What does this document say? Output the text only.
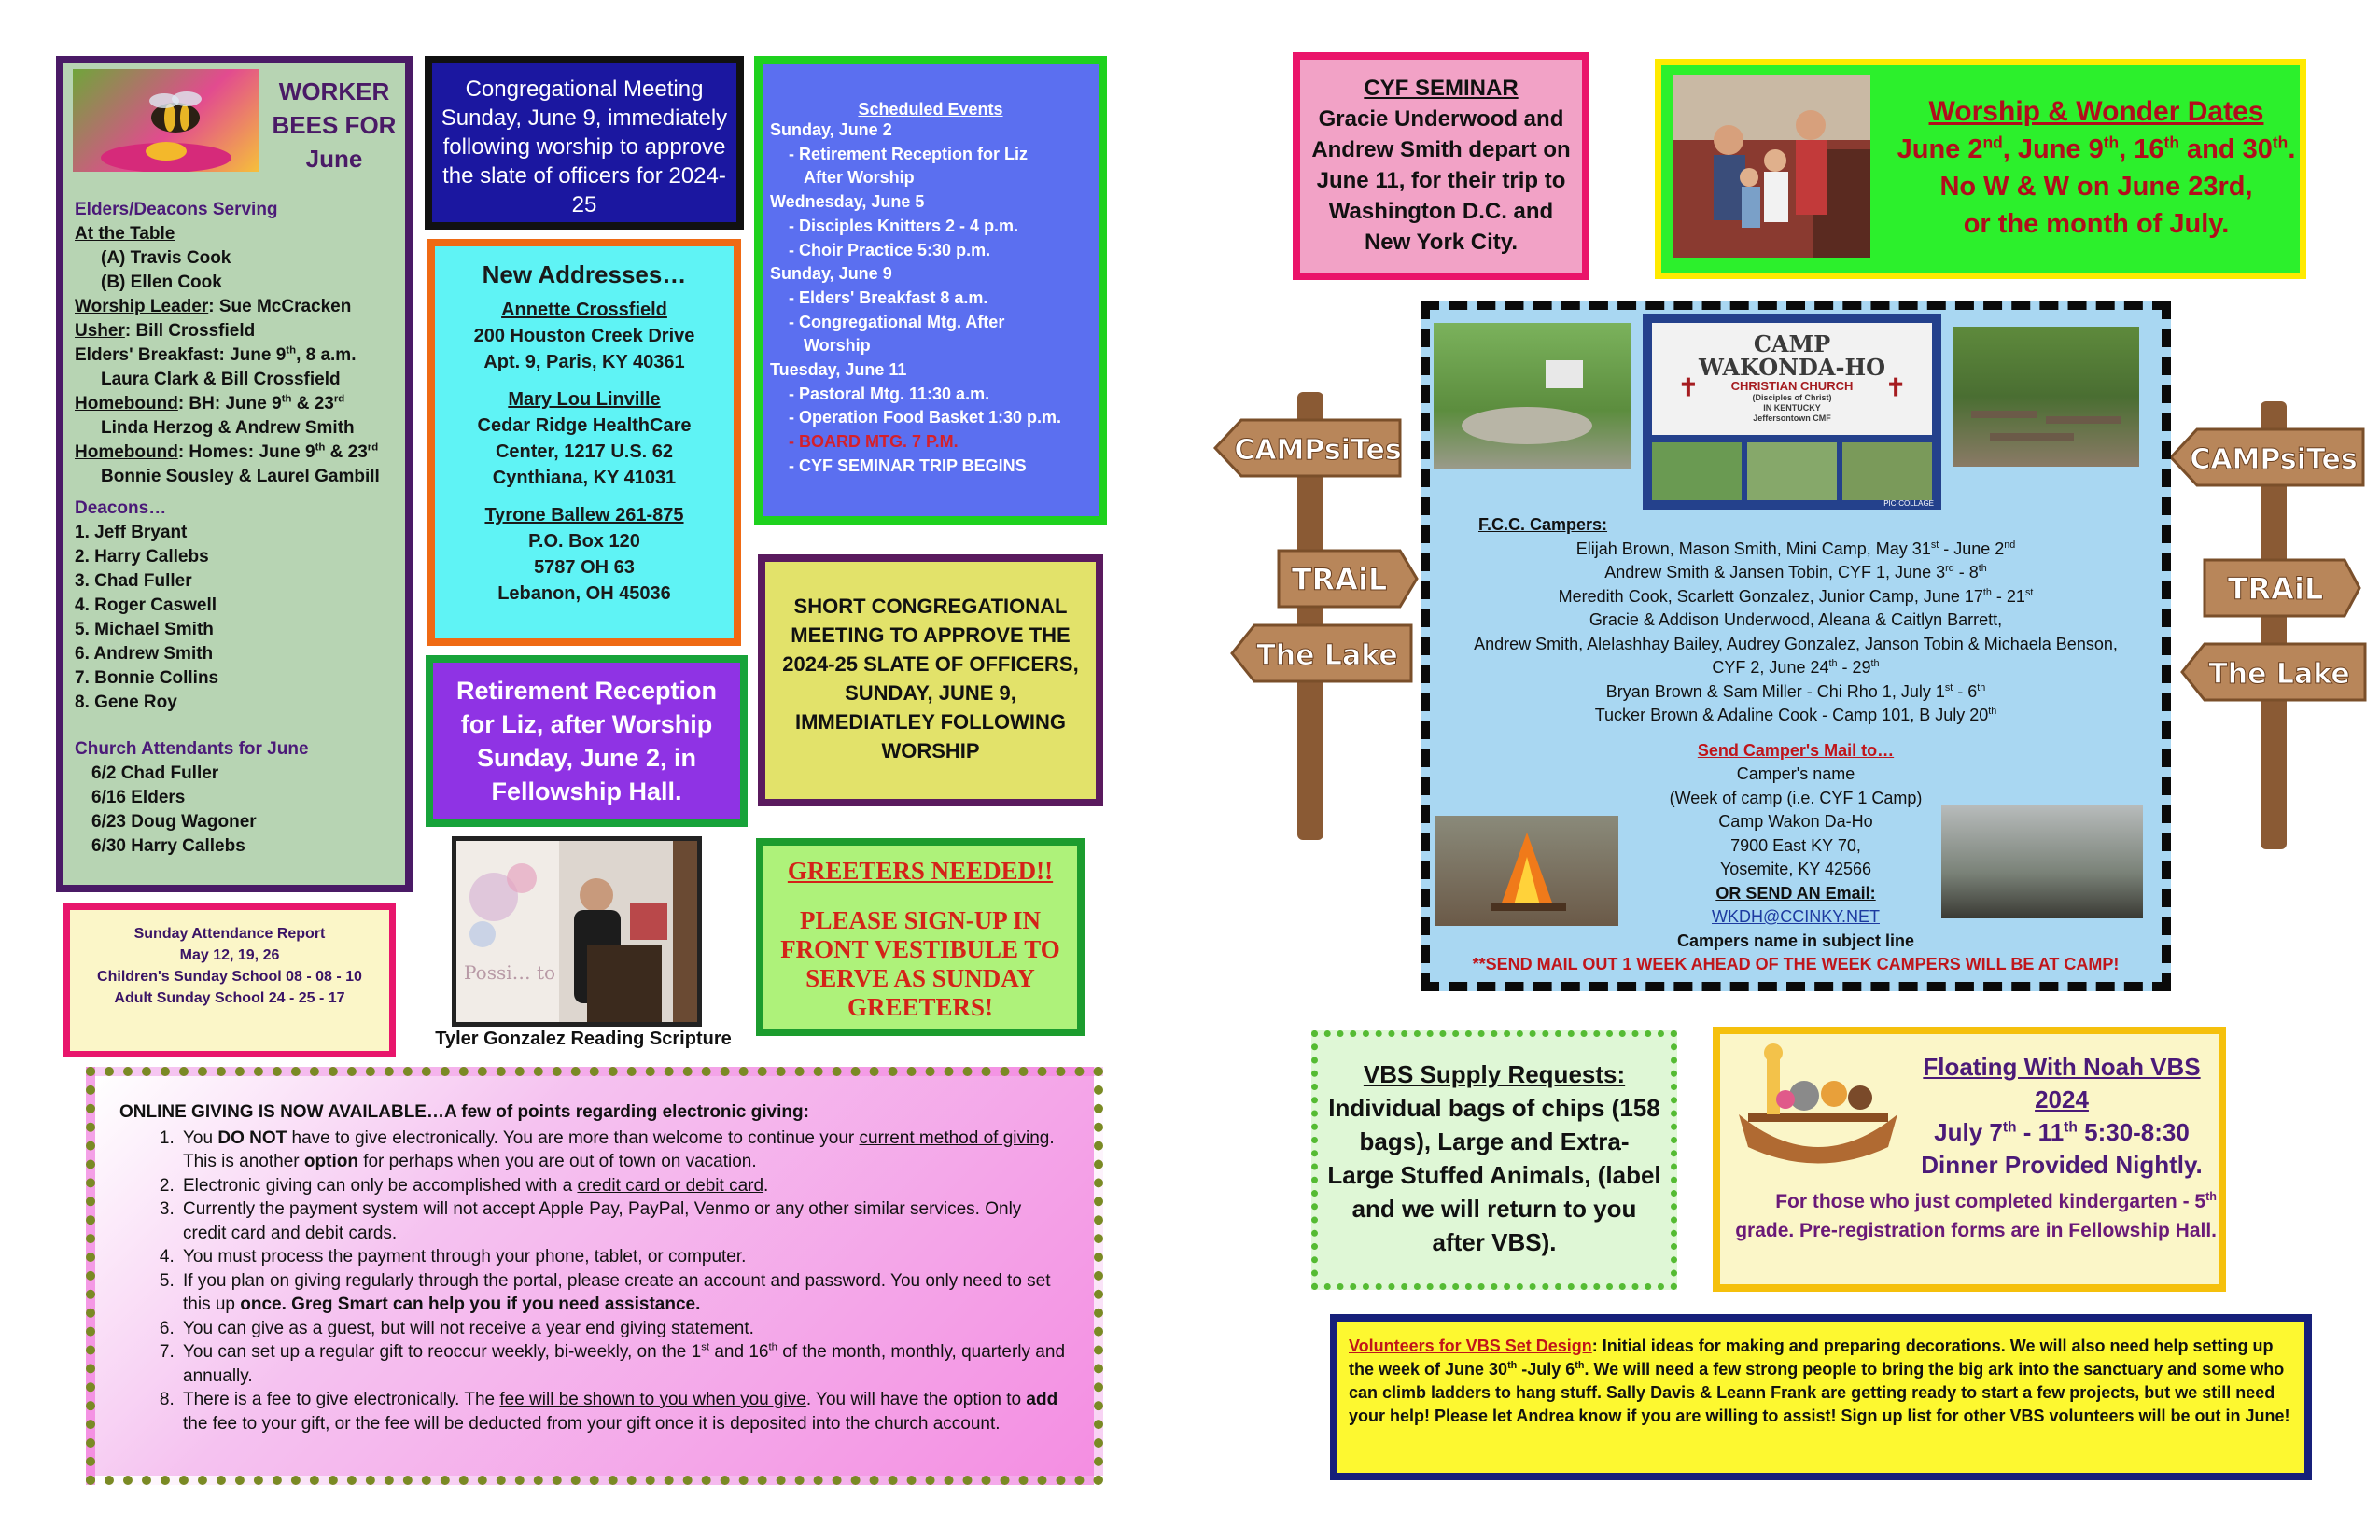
WORKER
BEES FOR
June
Elders/Deacons Serving
At the Table
(A) Travis Cook
(B) Ellen Cook
Worship Leader: Sue McCracken
Usher: Bill Crossfield
Elders' Breakfast: June 9th, 8 a.m.
Laura Clark & Bill Crossfield
Homebound: BH: June 9th & 23rd
Linda Herzog & Andrew Smith
Homebound: Homes: June 9th & 23rd
Bonnie Sousley & Laurel Gambill
Deacons…
1. Jeff Bryant
2. Harry Callebs
3. Chad Fuller
4. Roger Caswell
5. Michael Smith
6. Andrew Smith
7. Bonnie Collins
8. Gene Roy
Church Attendants for June
6/2 Chad Fuller
6/16 Elders
6/23 Doug Wagoner
6/30 Harry Callebs
Sunday Attendance Report
May 12, 19, 26
Children's Sunday School 08 - 08 - 10
Adult Sunday School 24 - 25 - 17

Congregational Meeting Sunday, June 9, immediately following worship to approve the slate of officers for 2024-25

New Addresses…
Annette Crossfield
200 Houston Creek Drive
Apt. 9, Paris, KY 40361
Mary Lou Linville
Cedar Ridge HealthCare
Center, 1217 U.S. 62
Cynthiana, KY 41031
Tyrone Ballew 261-875
P.O. Box 120
5787 OH 63
Lebanon, OH 45036

Retirement Reception for Liz, after Worship Sunday, June 2, in Fellowship Hall.

Scheduled Events
Sunday, June 2
- Retirement Reception for Liz
After Worship
Wednesday, June 5
- Disciples Knitters 2 - 4 p.m.
- Choir Practice 5:30 p.m.
Sunday, June 9
- Elders' Breakfast 8 a.m.
- Congregational Mtg. After
Worship
Tuesday, June 11
- Pastoral Mtg. 11:30 a.m.
- Operation Food Basket 1:30 p.m.
- BOARD MTG. 7 P.M.
- CYF SEMINAR TRIP BEGINS

SHORT CONGREGATIONAL MEETING TO APPROVE THE 2024-25 SLATE OF OFFICERS, SUNDAY, JUNE 9, IMMEDIATLEY FOLLOWING WORSHIP

Possi… to
Tyler Gonzalez Reading Scripture
GREETERS NEEDED!!

PLEASE SIGN-UP IN FRONT VESTIBULE TO SERVE AS SUNDAY GREETERS!

ONLINE GIVING IS NOW AVAILABLE…A few of points regarding electronic giving:
1. You DO NOT have to give electronically. You are more than welcome to continue your current method of giving. This is another option for perhaps when you are out of town on vacation.
2. Electronic giving can only be accomplished with a credit card or debit card.
3. Currently the payment system will not accept Apple Pay, PayPal, Venmo or any other similar services. Only credit card and debit cards.
4. You must process the payment through your phone, tablet, or computer.
5. If you plan on giving regularly through the portal, please create an account and password. You only need to set this up once. Greg Smart can help you if you need assistance.
6. You can give as a guest, but will not receive a year end giving statement.
7. You can set up a regular gift to reoccur weekly, bi-weekly, on the 1st and 16th of the month, monthly, quarterly and annually.
8. There is a fee to give electronically. The fee will be shown to you when you give. You will have the option to add the fee to your gift, or the fee will be deducted from your gift once it is deposited into the church account.
CYF SEMINAR

Gracie Underwood and Andrew Smith depart on June 11, for their trip to Washington D.C. and New York City.

Worship & Wonder Dates
June 2nd, June 9th, 16th and 30th.
No W & W on June 23rd,
or the month of July.
CAMPsiTes
TRAiL
The Lake
CAMPsiTes
TRAiL
The Lake
CAMP
WAKONDA-HO
CHRISTIAN CHURCH
(Disciples of Christ)
IN KENTUCKY
Jeffersontown CMF
✝	✝
PIC·COLLAGE
F.C.C. Campers:
Elijah Brown, Mason Smith, Mini Camp, May 31st - June 2nd
Andrew Smith & Jansen Tobin, CYF 1, June 3rd - 8th
Meredith Cook, Scarlett Gonzalez, Junior Camp, June 17th - 21st
Gracie & Addison Underwood, Aleana & Caitlyn Barrett,
Andrew Smith, Alelashhay Bailey, Audrey Gonzalez, Janson Tobin & Michaela Benson,
CYF 2, June 24th - 29th
Bryan Brown & Sam Miller - Chi Rho 1, July 1st - 6th
Tucker Brown & Adaline Cook - Camp 101, B July 20th
Send Camper's Mail to…
Camper's name
(Week of camp (i.e. CYF 1 Camp)
Camp Wakon Da-Ho
7900 East KY 70,
Yosemite, KY 42566
OR SEND AN Email:
WKDH@CCINKY.NET
Campers name in subject line
**SEND MAIL OUT 1 WEEK AHEAD OF THE WEEK CAMPERS WILL BE AT CAMP!
VBS Supply Requests:

Individual bags of chips (158 bags), Large and Extra-Large Stuffed Animals, (label and we will return to you after VBS).

Floating With Noah VBS 2024
July 7th - 11th 5:30-8:30
Dinner Provided Nightly.
For those who just completed kindergarten - 5th grade. Pre-registration forms are in Fellowship Hall.
Volunteers for VBS Set Design: Initial ideas for making and preparing decorations. We will also need help setting up the week of June 30th -July 6th. We will need a few strong people to bring the big ark into the sanctuary and some who can climb ladders to hang stuff. Sally Davis & Leann Frank are getting ready to start a few projects, but we still need your help! Please let Andrea know if you are willing to assist! Sign up list for other VBS volunteers will be out in June!
